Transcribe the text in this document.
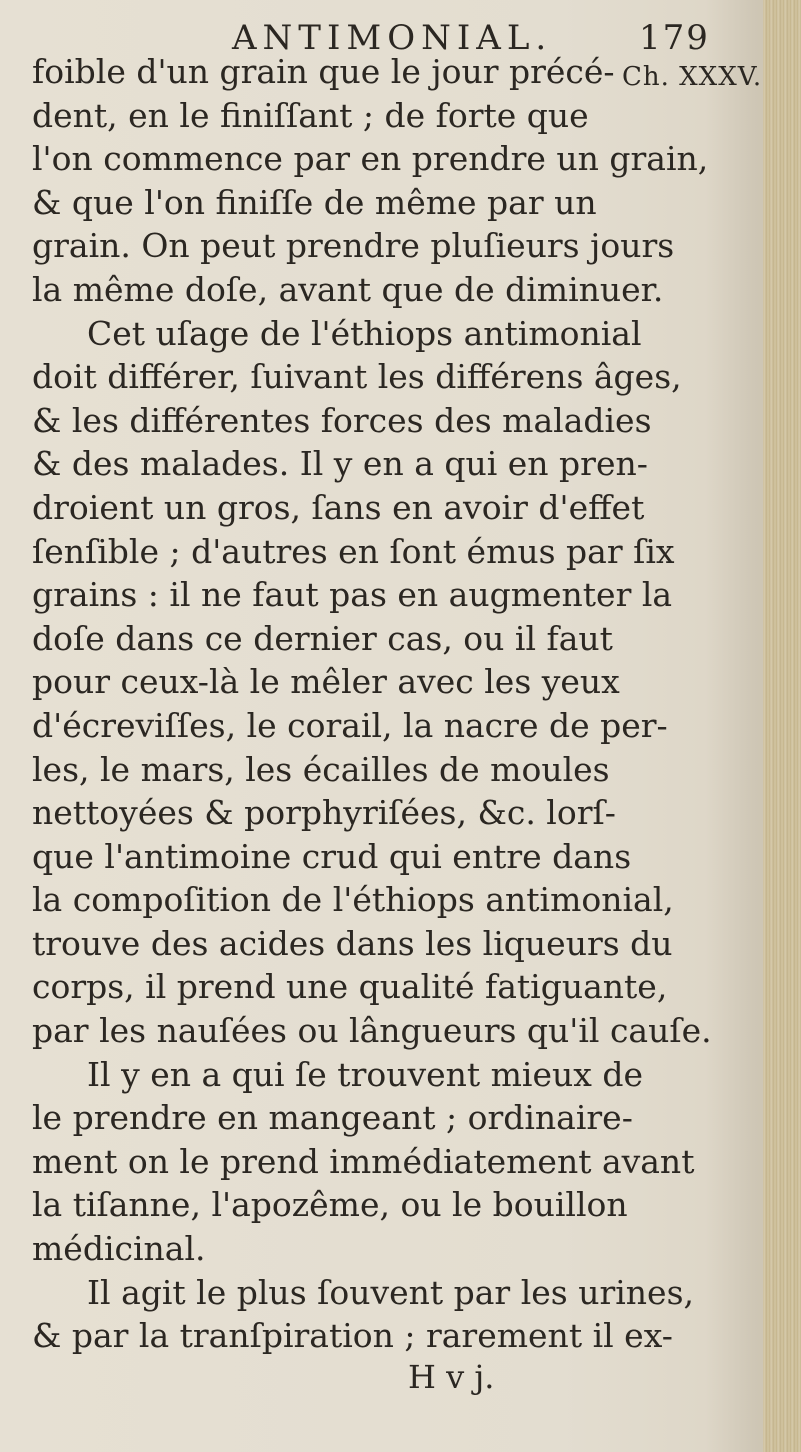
ANTIMONIAL.	179
Ch. XXXV.
foible d'un grain que le jour précé-
dent, en le finiſſant ; de forte que
l'on commence par en prendre un grain,
& que l'on finiſſe de même par un
grain. On peut prendre pluſieurs jours
la même doſe, avant que de diminuer.
Cet uſage de l'éthiops antimonial
doit différer, ſuivant les différens âges,
& les différentes forces des maladies
& des malades. Il y en a qui en pren-
droient un gros, ſans en avoir d'effet
ſenſible ; d'autres en ſont émus par ſix
grains : il ne faut pas en augmenter la
doſe dans ce dernier cas, ou il faut
pour ceux-là le mêler avec les yeux
d'écreviſſes, le corail, la nacre de per-
les, le mars, les écailles de moules
nettoyées & porphyriſées, &c. lorſ-
que l'antimoine crud qui entre dans
la compoſition de l'éthiops antimonial,
trouve des acides dans les liqueurs du
corps, il prend une qualité fatiguante,
par les nauſées ou lângueurs qu'il cauſe.
Il y en a qui ſe trouvent mieux de
le prendre en mangeant ; ordinaire-
ment on le prend immédiatement avant
la tiſanne, l'apozême, ou le bouillon
médicinal.
Il agit le plus ſouvent par les urines,
& par la tranſpiration ; rarement il ex-
H v j.
